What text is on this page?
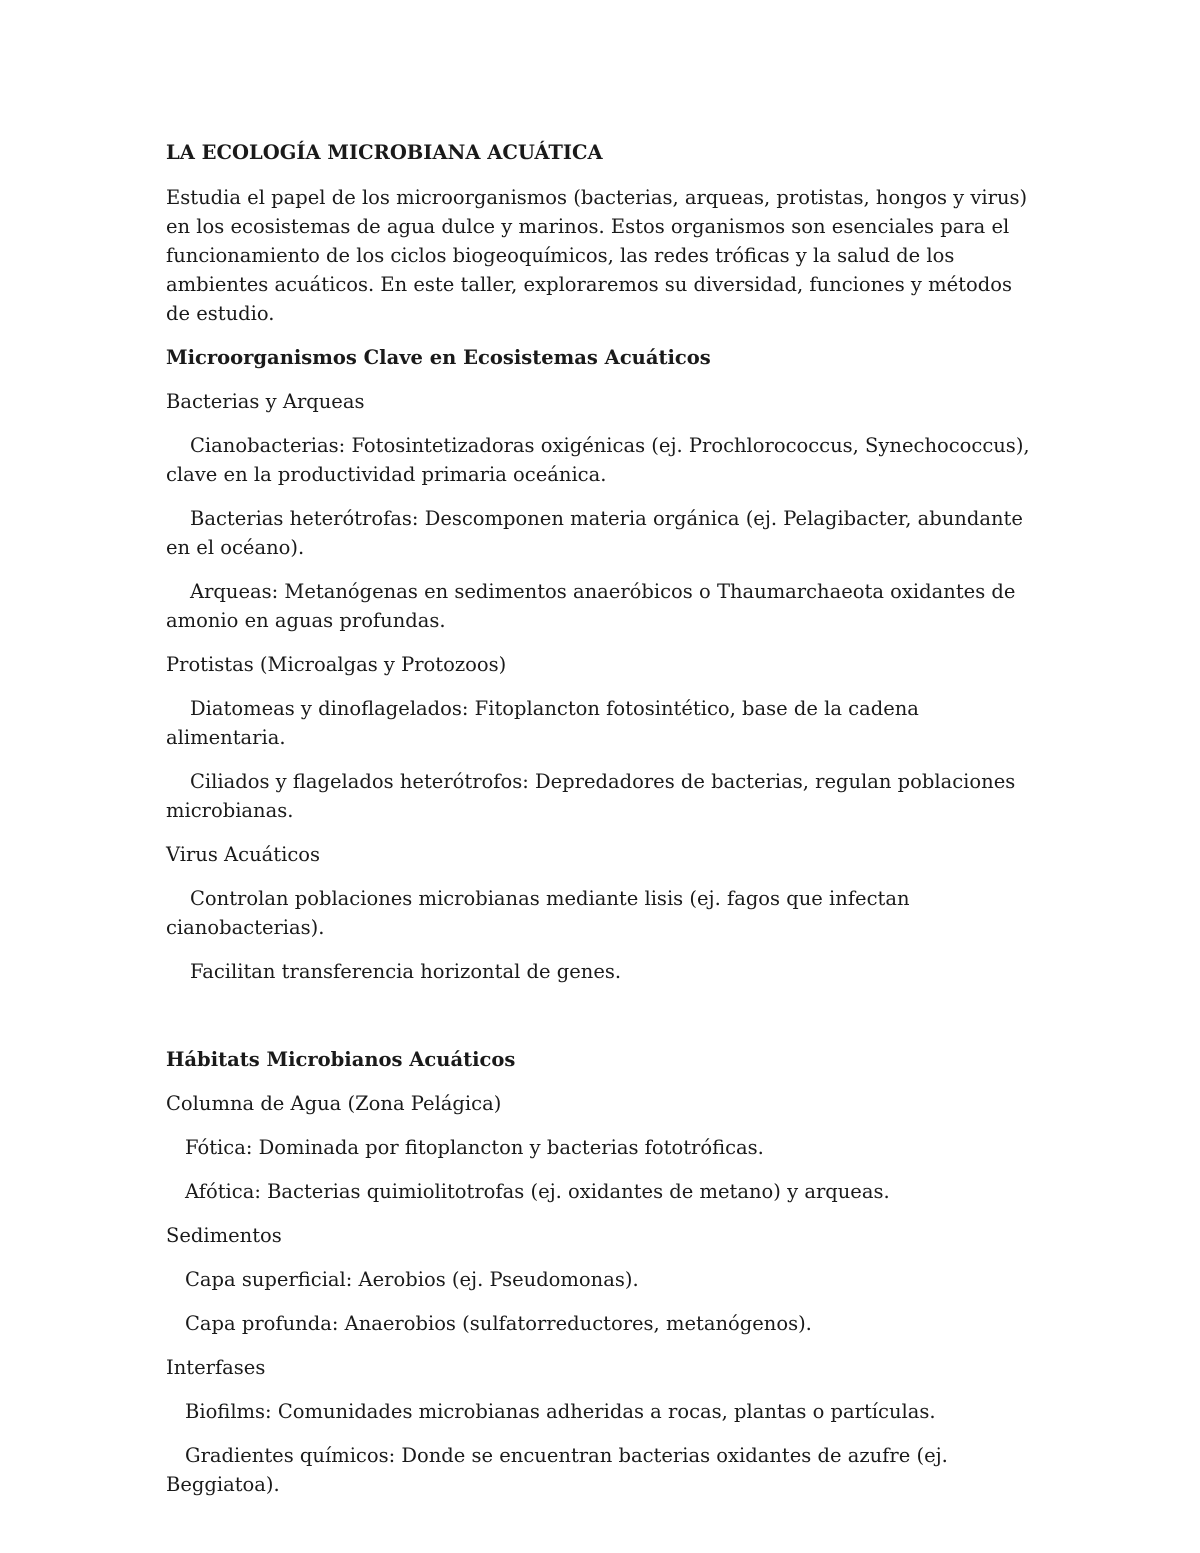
LA ECOLOGÍA MICROBIANA ACUÁTICA
Estudia el papel de los microorganismos (bacterias, arqueas, protistas, hongos y virus) en los ecosistemas de agua dulce y marinos. Estos organismos son esenciales para el funcionamiento de los ciclos biogeoquímicos, las redes tróficas y la salud de los ambientes acuáticos. En este taller, exploraremos su diversidad, funciones y métodos de estudio.
Microorganismos Clave en Ecosistemas Acuáticos
Bacterias y Arqueas
Cianobacterias: Fotosintetizadoras oxigénicas (ej. Prochlorococcus, Synechococcus), clave en la productividad primaria oceánica.
Bacterias heterótrofas: Descomponen materia orgánica (ej. Pelagibacter, abundante en el océano).
Arqueas: Metanógenas en sedimentos anaeróbicos o Thaumarchaeota oxidantes de amonio en aguas profundas.
Protistas (Microalgas y Protozoos)
Diatomeas y dinoflagelados: Fitoplancton fotosintético, base de la cadena alimentaria.
Ciliados y flagelados heterótrofos: Depredadores de bacterias, regulan poblaciones microbianas.
Virus Acuáticos
Controlan poblaciones microbianas mediante lisis (ej. fagos que infectan cianobacterias).
Facilitan transferencia horizontal de genes.
Hábitats Microbianos Acuáticos
Columna de Agua (Zona Pelágica)
Fótica: Dominada por fitoplancton y bacterias fototróficas.
Afótica: Bacterias quimiolitotrofas (ej. oxidantes de metano) y arqueas.
Sedimentos
Capa superficial: Aerobios (ej. Pseudomonas).
Capa profunda: Anaerobios (sulfatorreductores, metanógenos).
Interfases
Biofilms: Comunidades microbianas adheridas a rocas, plantas o partículas.
Gradientes químicos: Donde se encuentran bacterias oxidantes de azufre (ej. Beggiatoa).
